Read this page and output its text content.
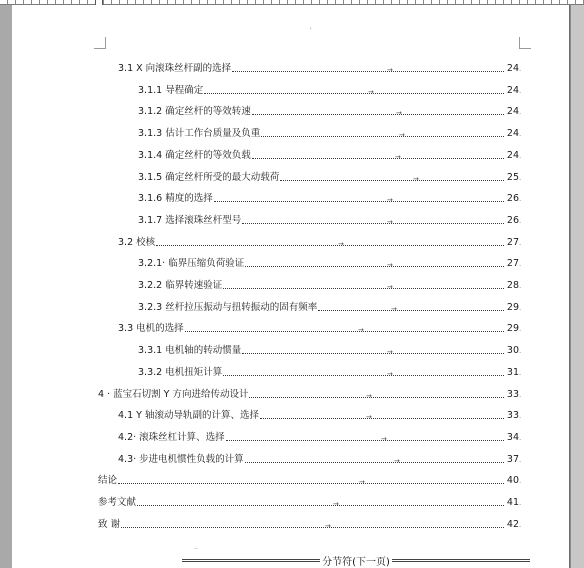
'
3.1 X 向滚珠丝杆副的选择	→	24 .
3.1.1 导程确定	→	24 .
3.1.2 确定丝杆的等效转速	→	24 .
3.1.3 估计工作台质量及负重	→	24 .
3.1.4 确定丝杆的等效负载	→	24 .
3.1.5 确定丝杆所受的最大动载荷	→	25 .
3.1.6 精度的选择	→	26 .
3.1.7 选择滚珠丝杆型号	→	26 .
3.2 校核	→	27 .
3.2.1· 临界压缩负荷验证	→	27 .
3.2.2 临界转速验证	→	28 .
3.2.3 丝杆拉压振动与扭转振动的固有频率	→	29 .
3.3 电机的选择	→	29 .
3.3.1 电机轴的转动惯量	→	30 .
3.3.2 电机扭矩计算	→	31 .
4 · 蓝宝石切割 Y 方向进给传动设计	→	33 .
4.1 Y 轴滚动导轨副的计算、选择	→	33 .
4.2· 滚珠丝杠计算、选择	→	34 .
4.3· 步进电机惯性负载的计算	→	37 .
结论	→	40 .
参考文献	→	41 .
致 谢	→	42 .
..
分节符(下一页)
